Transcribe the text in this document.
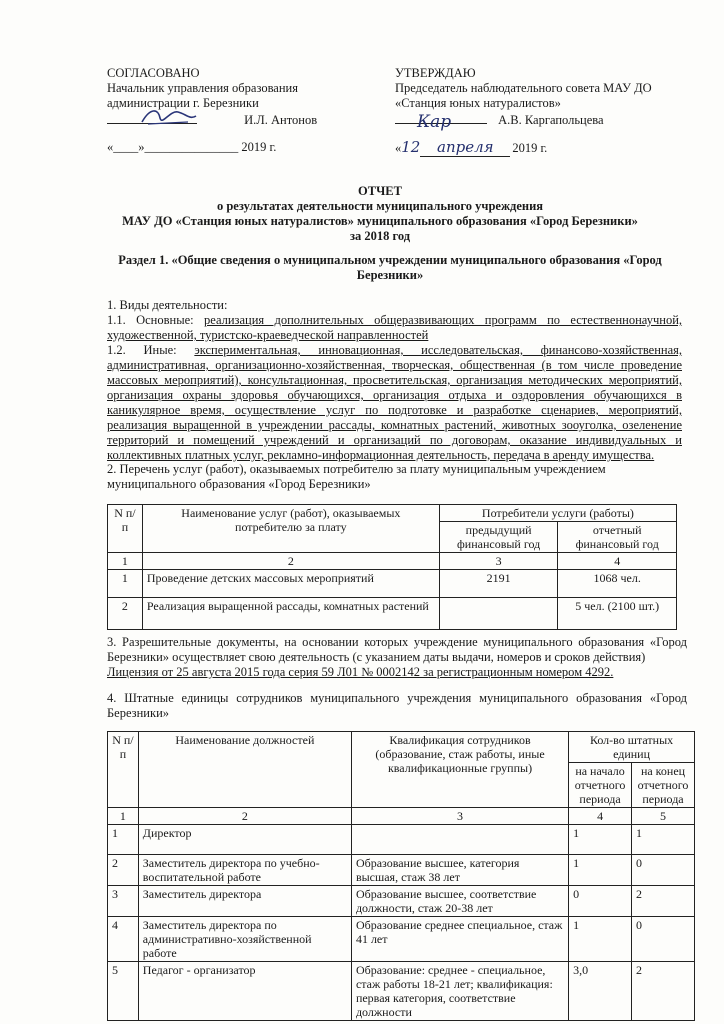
СОГЛАСОВАНО
Начальник управления образования
администрации г. Березники
И.Л. Антонов
«____»_______________ 2019 г.
УТВЕРЖДАЮ
Председатель наблюдательного совета МАУ ДО
«Станция юных натуралистов»
Кар	А.В. Каргапольцева
«12 апреля 2019 г.
ОТЧЕТ
о результатах деятельности муниципального учреждения
МАУ ДО «Станция юных натуралистов» муниципального образования «Город Березники»
за 2018 год
Раздел 1. «Общие сведения о муниципальном учреждении муниципального образования «Город Березники»

1. Виды деятельности:

1.1. Основные: реализация дополнительных общеразвивающих программ по естественнонаучной, художественной, туристско-краеведческой направленностей

1.2. Иные: экспериментальная, инновационная, исследовательская, финансово-хозяйственная, административная, организационно-хозяйственная, творческая, общественная (в том числе проведение массовых мероприятий), консультационная, просветительская, организация методических мероприятий, организация охраны здоровья обучающихся, организация отдыха и оздоровления обучающихся в каникулярное время, осуществление услуг по подготовке и разработке сценариев, мероприятий, реализация выращенной в учреждении рассады, комнатных растений, животных зооуголка, озеленение территорий и помещений учреждений и организаций по договорам, оказание индивидуальных и коллективных платных услуг, рекламно-информационная деятельность, передача в аренду имущества.

2. Перечень услуг (работ), оказываемых потребителю за плату муниципальным учреждением муниципального образования «Город Березники»
N п/п	Наименование услуг (работ), оказываемых потребителю за плату	Потребители услуги (работы)	
		предыдущий финансовый год	отчетный финансовый год
1	2	3	4
1	Проведение детских массовых мероприятий	2191	1068 чел.
2	Реализация выращенной рассады, комнатных растений		5 чел. (2100 шт.)

3. Разрешительные документы, на основании которых учреждение муниципального образования «Город Березники» осуществляет свою деятельность (с указанием даты выдачи, номеров и сроков действия)

Лицензия от 25 августа 2015 года серия 59 Л01 № 0002142 за регистрационным номером 4292.

4. Штатные единицы сотрудников муниципального учреждения муниципального образования «Город Березники»
N п/п	Наименование должностей	Квалификация сотрудников (образование, стаж работы, иные квалификационные группы)	Кол-во штатных единиц	
			на начало отчетного периода	на конец отчетного периода
1	2	3	4	5
1	Директор		1	1
2	Заместитель директора по учебно-воспитательной работе	Образование высшее, категория высшая, стаж 38 лет	1	0
3	Заместитель директора	Образование высшее, соответствие должности, стаж 20-38 лет	0	2
4	Заместитель директора по административно-хозяйственной работе	Образование среднее специальное, стаж 41 лет	1	0
5	Педагог - организатор	Образование: среднее - специальное, стаж работы 18-21 лет; квалификация: первая категория, соответствие должности	3,0	2
